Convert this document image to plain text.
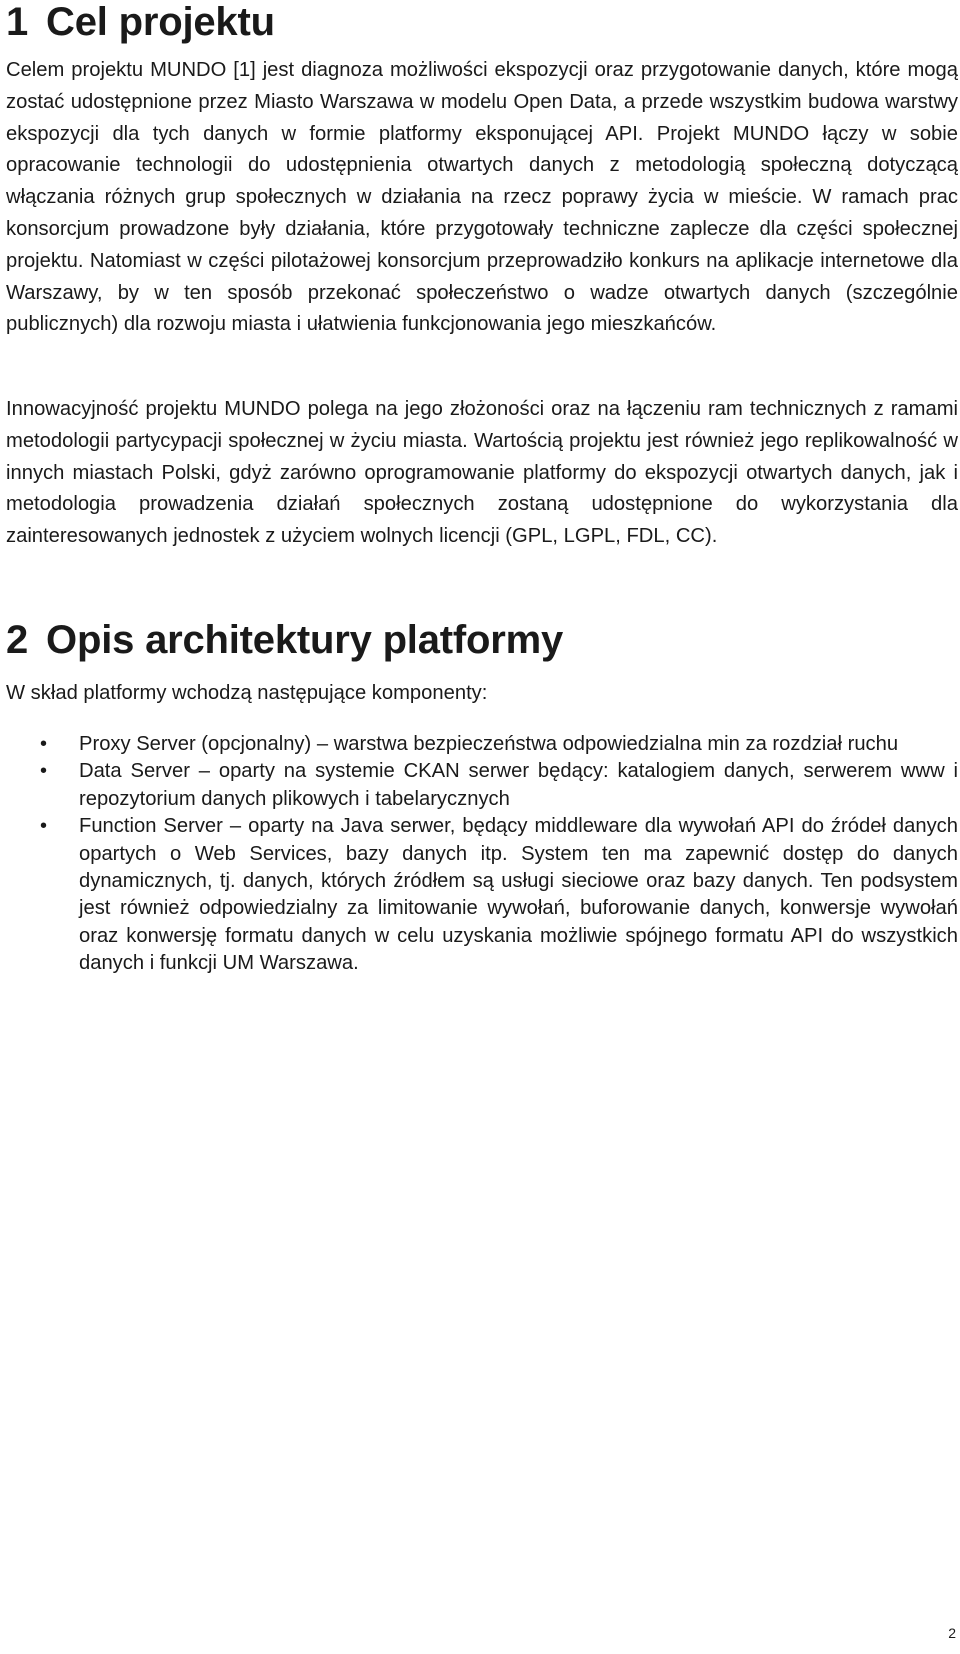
1 Cel projektu

Celem projektu MUNDO [1] jest diagnoza możliwości ekspozycji oraz przygotowanie danych, które mogą zostać udostępnione przez Miasto Warszawa w modelu Open Data, a przede wszystkim budowa warstwy ekspozycji dla tych danych w formie platformy eksponującej API. Projekt MUNDO łączy w sobie opracowanie technologii do udostępnienia otwartych danych z metodologią społeczną dotyczącą włączania różnych grup społecznych w działania na rzecz poprawy życia w mieście. W ramach prac konsorcjum prowadzone były działania, które przygotowały techniczne zaplecze dla części społecznej projektu. Natomiast w części pilotażowej konsorcjum przeprowadziło konkurs na aplikacje internetowe dla Warszawy, by w ten sposób przekonać społeczeństwo o wadze otwartych danych (szczególnie publicznych) dla rozwoju miasta i ułatwienia funkcjonowania jego mieszkańców.

Innowacyjność projektu MUNDO polega na jego złożoności oraz na łączeniu ram technicznych z ramami metodologii partycypacji społecznej w życiu miasta. Wartością projektu jest również jego replikowalność w innych miastach Polski, gdyż zarówno oprogramowanie platformy do ekspozycji otwartych danych, jak i metodologia prowadzenia działań społecznych zostaną udostępnione do wykorzystania dla zainteresowanych jednostek z użyciem wolnych licencji (GPL, LGPL, FDL, CC).

2 Opis architektury platformy

W skład platformy wchodzą następujące komponenty:

• Proxy Server (opcjonalny) – warstwa bezpieczeństwa odpowiedzialna min za rozdział ruchu
• Data Server – oparty na systemie CKAN serwer będący: katalogiem danych, serwerem www i repozytorium danych plikowych i tabelarycznych
• Function Server – oparty na Java serwer, będący middleware dla wywołań API do źródeł danych opartych o Web Services, bazy danych itp. System ten ma zapewnić dostęp do danych dynamicznych, tj. danych, których źródłem są usługi sieciowe oraz bazy danych. Ten podsystem jest również odpowiedzialny za limitowanie wywołań, buforowanie danych, konwersje wywołań oraz konwersję formatu danych w celu uzyskania możliwie spójnego formatu API do wszystkich danych i funkcji UM Warszawa.
2
